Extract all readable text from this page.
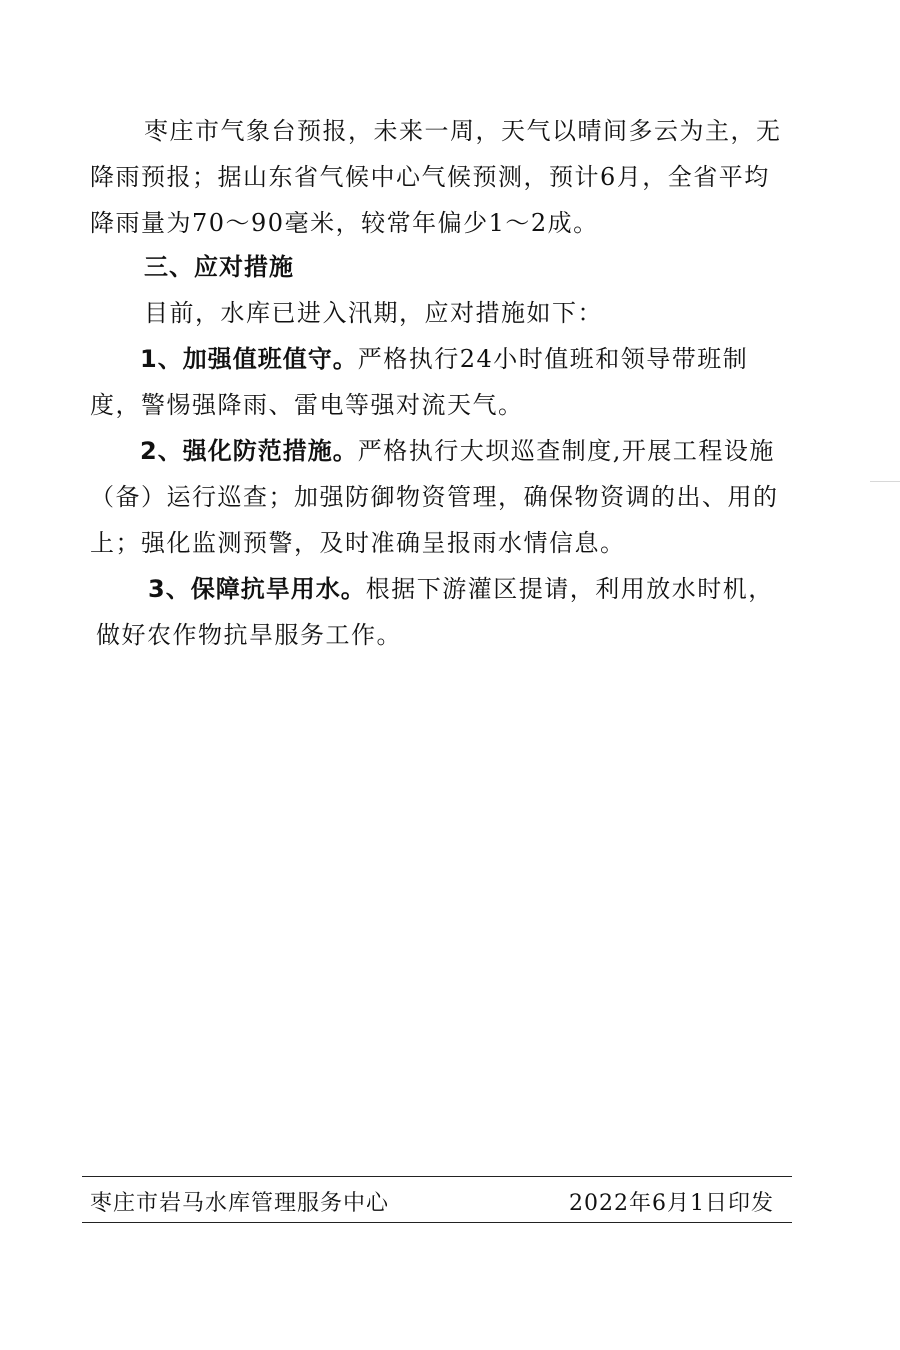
枣庄市气象台预报，未来一周，天气以晴间多云为主，无降雨预报；据山东省气候中心气候预测，预计6月，全省平均降雨量为70～90毫米，较常年偏少1～2成。

三、应对措施

目前，水库已进入汛期，应对措施如下：

1、加强值班值守。严格执行24小时值班和领导带班制度，警惕强降雨、雷电等强对流天气。

2、强化防范措施。严格执行大坝巡查制度,开展工程设施（备）运行巡查；加强防御物资管理，确保物资调的出、用的上；强化监测预警，及时准确呈报雨水情信息。

3、保障抗旱用水。根据下游灌区提请，利用放水时机，
做好农作物抗旱服务工作。

枣庄市岩马水库管理服务中心	2022年6月1日印发
